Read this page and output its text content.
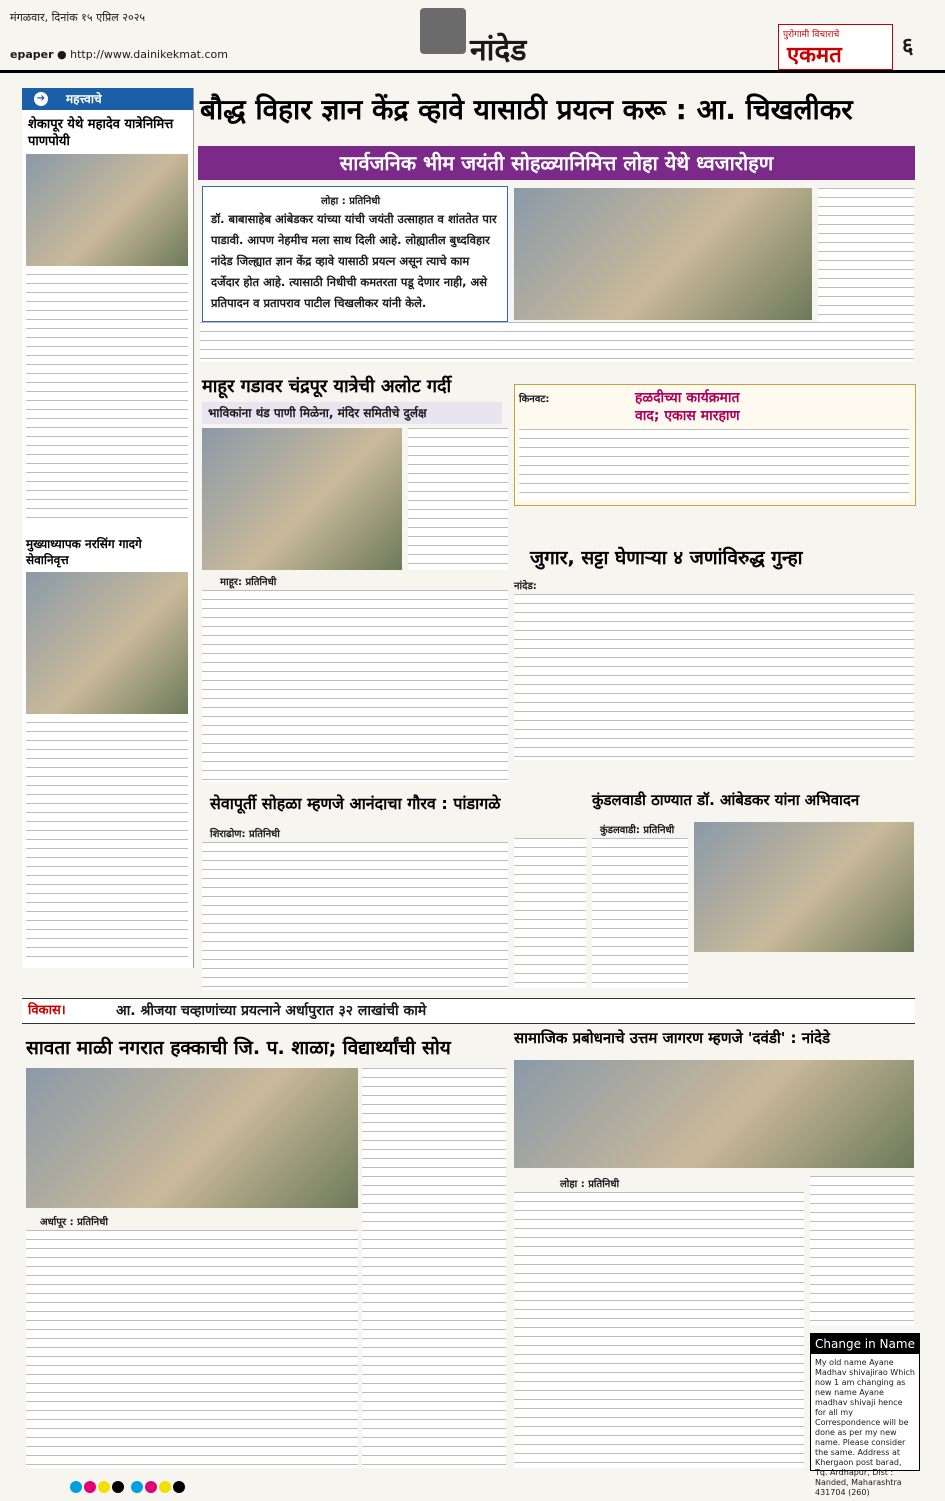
मंगळवार, दिनांक १५ एप्रिल २०२५
epaper ● http://www.dainikekmat.com	नांदेड	पुरोगामी विचाराचे
एकमत	६
➔ महत्त्वाचे
शेकापूर येथे महादेव यात्रेनिमित्त पाणपोयी
मुख्याध्यापक नरसिंग गादगे सेवानिवृत्त
बौद्ध विहार ज्ञान केंद्र व्हावे यासाठी प्रयत्न करू : आ. चिखलीकर
सार्वजनिक भीम जयंती सोहळ्यानिमित्त लोहा येथे ध्वजारोहण
लोहा : प्रतिनिधी
डॉ. बाबासाहेब आंबेडकर यांच्या यांची जयंती उत्साहात व शांततेत पार पाडावी. आपण नेहमीच मला साथ दिली आहे. लोह्यातील बुध्दविहार नांदेड जिल्ह्यात ज्ञान केंद्र व्हावे यासाठी प्रयत्न असून त्याचे काम दर्जेदार होत आहे. त्यासाठी निधीची कमतरता पडू देणार नाही, असे प्रतिपादन व प्रतापराव पाटील चिखलीकर यांनी केले.
माहूर गडावर चंद्रपूर यात्रेची अलोट गर्दी
भाविकांना थंड पाणी मिळेना, मंदिर समितीचे दुर्लक्ष
माहूर: प्रतिनिधी
हळदीच्या कार्यक्रमात
वाद; एकास मारहाण
किनवट:
जुगार, सट्टा घेणाऱ्या ४ जणांविरुद्ध गुन्हा
नांदेड:
सेवापूर्ती सोहळा म्हणजे आनंदाचा गौरव : पांडागळे
शिराढोण: प्रतिनिधी
कुंडलवाडी ठाण्यात डॉ. आंबेडकर यांना अभिवादन
कुंडलवाडी: प्रतिनिधी
विकास।	आ. श्रीजया चव्हाणांच्या प्रयत्नाने अर्धापुरात ३२ लाखांची कामे
सावता माळी नगरात हक्काची जि. प. शाळा; विद्यार्थ्यांची सोय
अर्धापूर : प्रतिनिधी
सामाजिक प्रबोधनाचे उत्तम जागरण म्हणजे 'दवंडी' : नांदेडे
लोहा : प्रतिनिधी
Change in Name
My old name Ayane Madhav shivajirao Which now 1 am changing as new name Ayane madhav shivaji hence for all my Correspondence will be done as per my new name. Please consider the same. Address at Khergaon post barad, Tq. Ardhapur, Dist : Nanded, Maharashtra 431704 (260)
